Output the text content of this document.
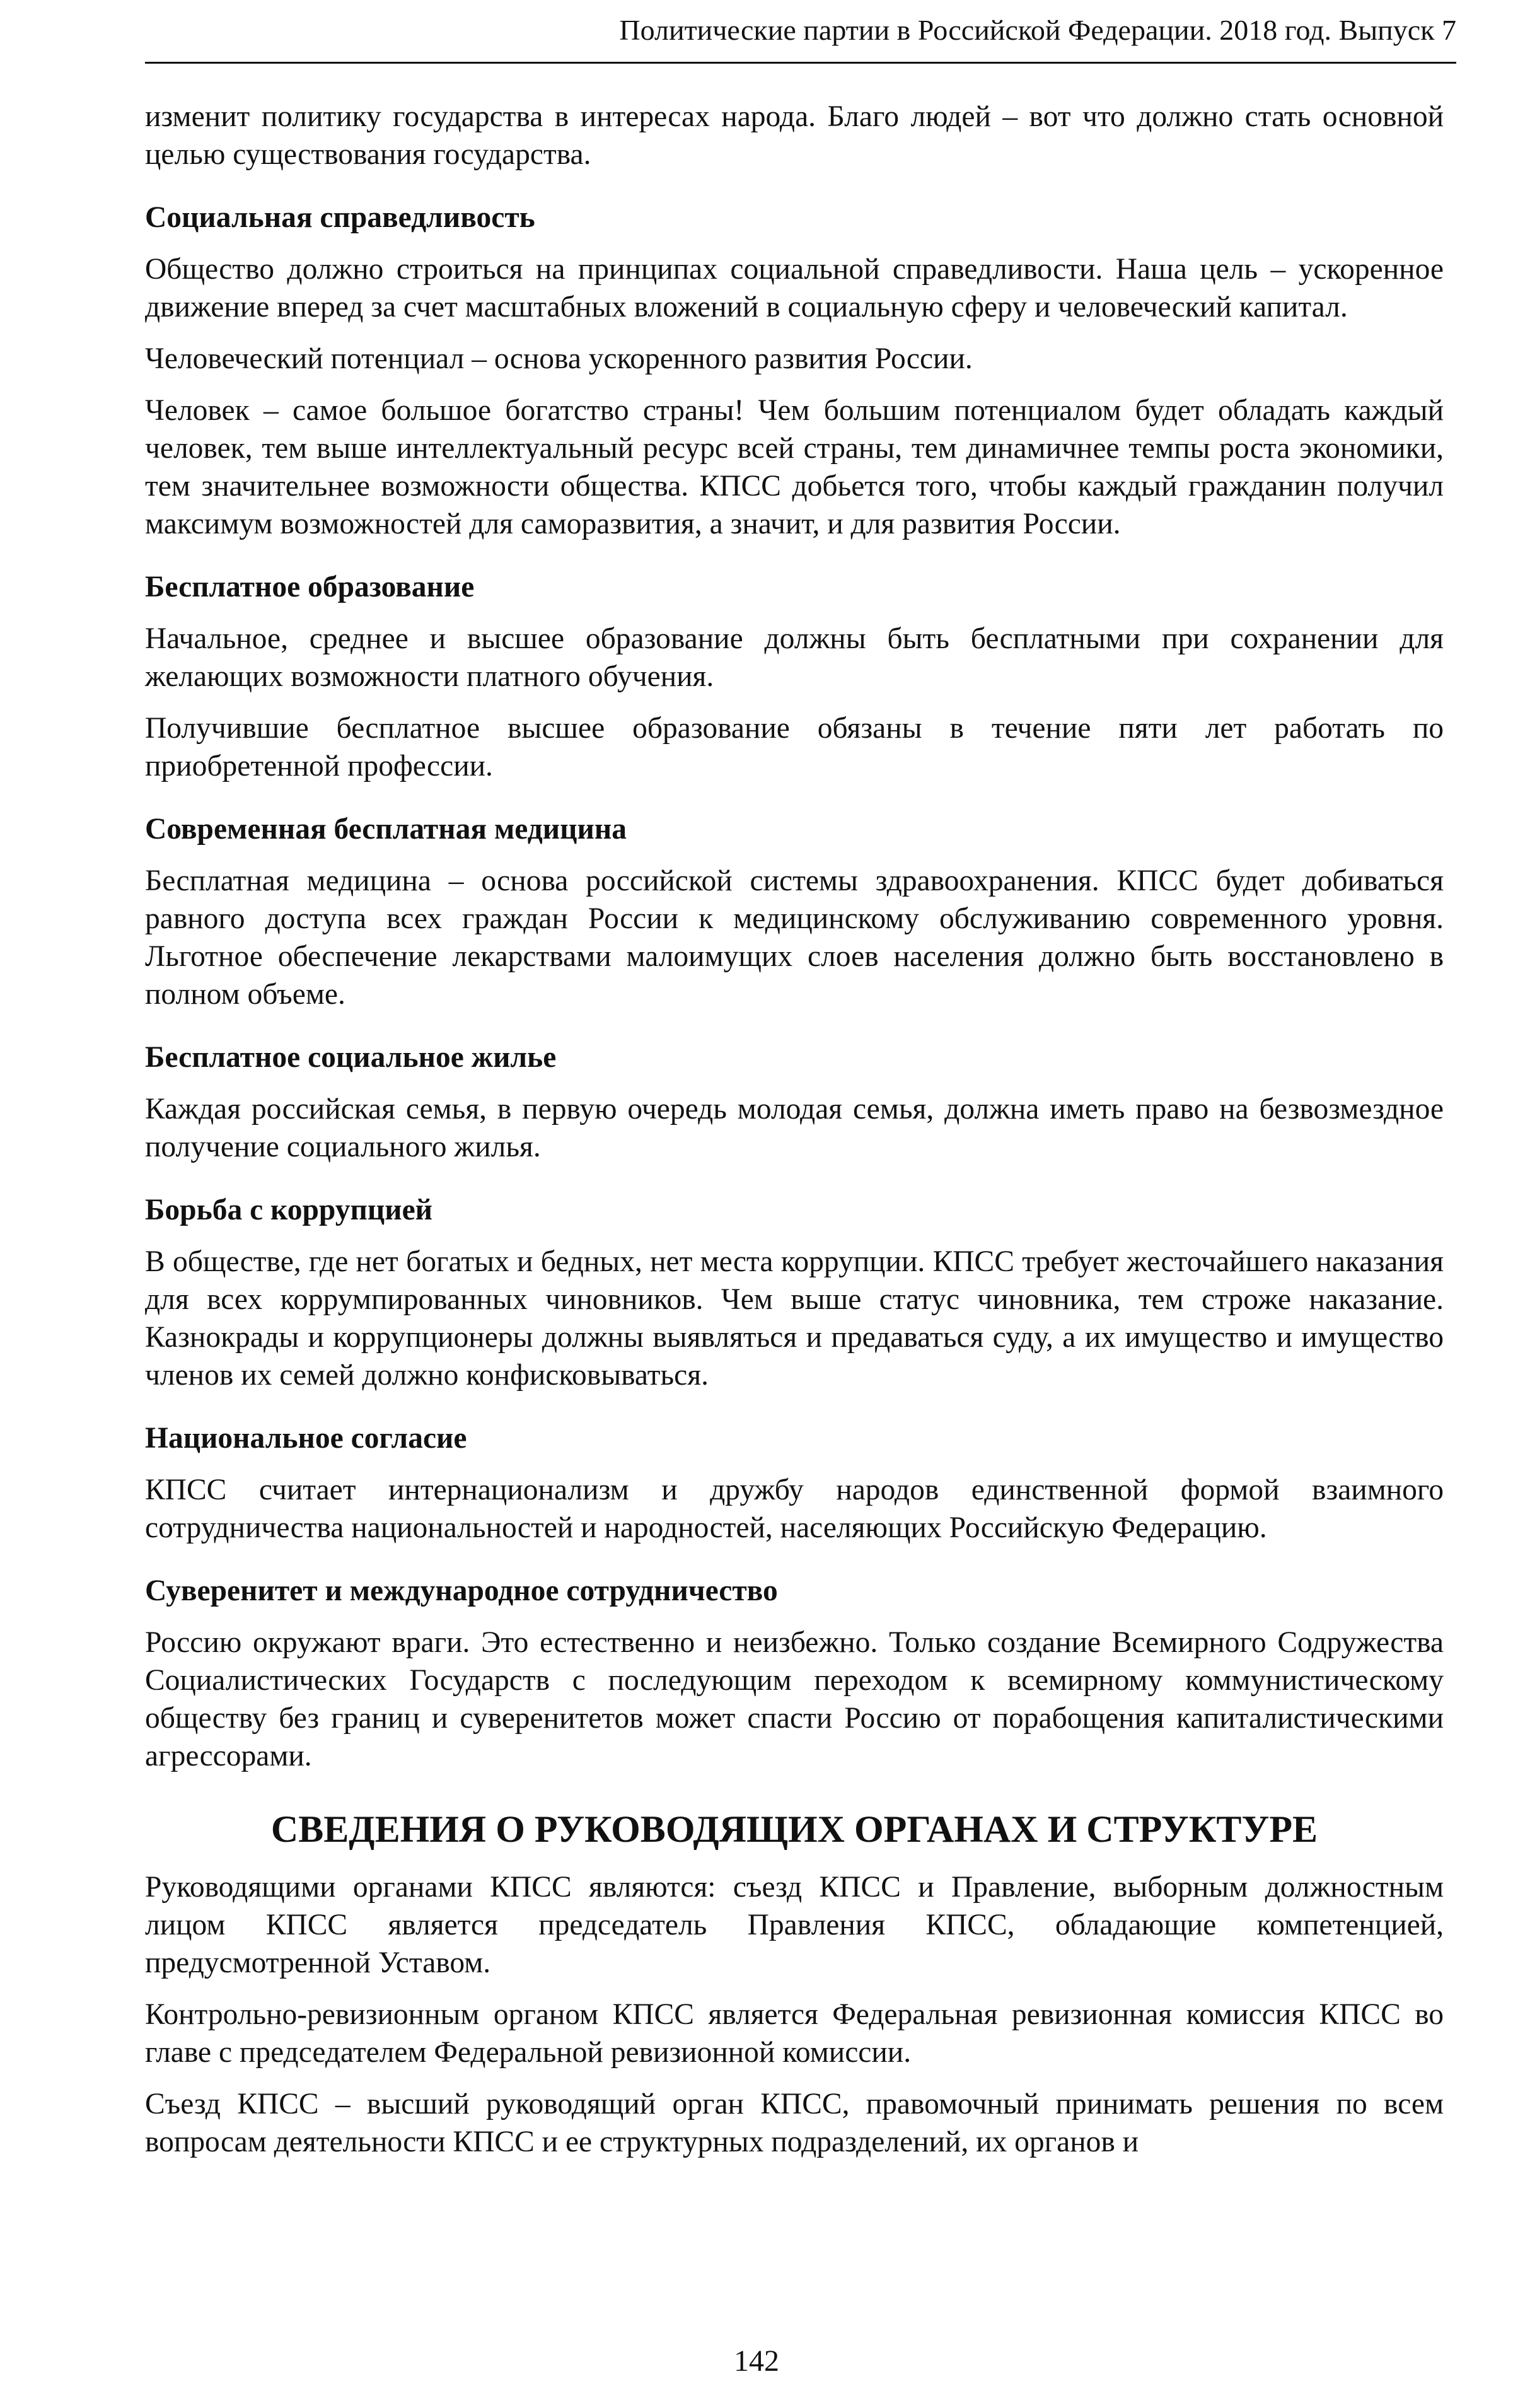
Политические партии в Российской Федерации. 2018 год. Выпуск 7

изменит политику государства в интересах народа. Благо людей – вот что должно стать основной целью существования государства.

Социальная справедливость

Общество должно строиться на принципах социальной справедливости. Наша цель – ускоренное движение вперед за счет масштабных вложений в социальную сферу и человеческий капитал.

Человеческий потенциал – основа ускоренного развития России.

Человек – самое большое богатство страны! Чем большим потенциалом будет обладать каждый человек, тем выше интеллектуальный ресурс всей страны, тем динамичнее темпы роста экономики, тем значительнее возможности общества. КПСС добьется того, чтобы каждый гражданин получил максимум возможностей для саморазвития, а значит, и для развития России.

Бесплатное образование

Начальное, среднее и высшее образование должны быть бесплатными при сохранении для желающих возможности платного обучения.

Получившие бесплатное высшее образование обязаны в течение пяти лет работать по приобретенной профессии.

Современная бесплатная медицина

Бесплатная медицина – основа российской системы здравоохранения. КПСС будет добиваться равного доступа всех граждан России к медицинскому обслуживанию современного уровня. Льготное обеспечение лекарствами малоимущих слоев населения должно быть восстановлено в полном объеме.

Бесплатное социальное жилье

Каждая российская семья, в первую очередь молодая семья, должна иметь право на безвозмездное получение социального жилья.

Борьба с коррупцией

В обществе, где нет богатых и бедных, нет места коррупции. КПСС требует жесточайшего наказания для всех коррумпированных чиновников. Чем выше статус чиновника, тем строже наказание. Казнокрады и коррупционеры должны выявляться и предаваться суду, а их имущество и имущество членов их семей должно конфисковываться.

Национальное согласие

КПСС считает интернационализм и дружбу народов единственной формой взаимного сотрудничества национальностей и народностей, населяющих Российскую Федерацию.

Суверенитет и международное сотрудничество

Россию окружают враги. Это естественно и неизбежно. Только создание Всемирного Содружества Социалистических Государств с последующим переходом к всемирному коммунистическому обществу без границ и суверенитетов может спасти Россию от порабощения капиталистическими агрессорами.

СВЕДЕНИЯ О РУКОВОДЯЩИХ ОРГАНАХ И СТРУКТУРЕ

Руководящими органами КПСС являются: съезд КПСС и Правление, выборным должностным лицом КПСС является председатель Правления КПСС, обладающие компетенцией, предусмотренной Уставом.

Контрольно-ревизионным органом КПСС является Федеральная ревизионная комиссия КПСС во главе с председателем Федеральной ревизионной комиссии.

Съезд КПСС – высший руководящий орган КПСС, правомочный принимать решения по всем вопросам деятельности КПСС и ее структурных подразделений, их органов и

142
